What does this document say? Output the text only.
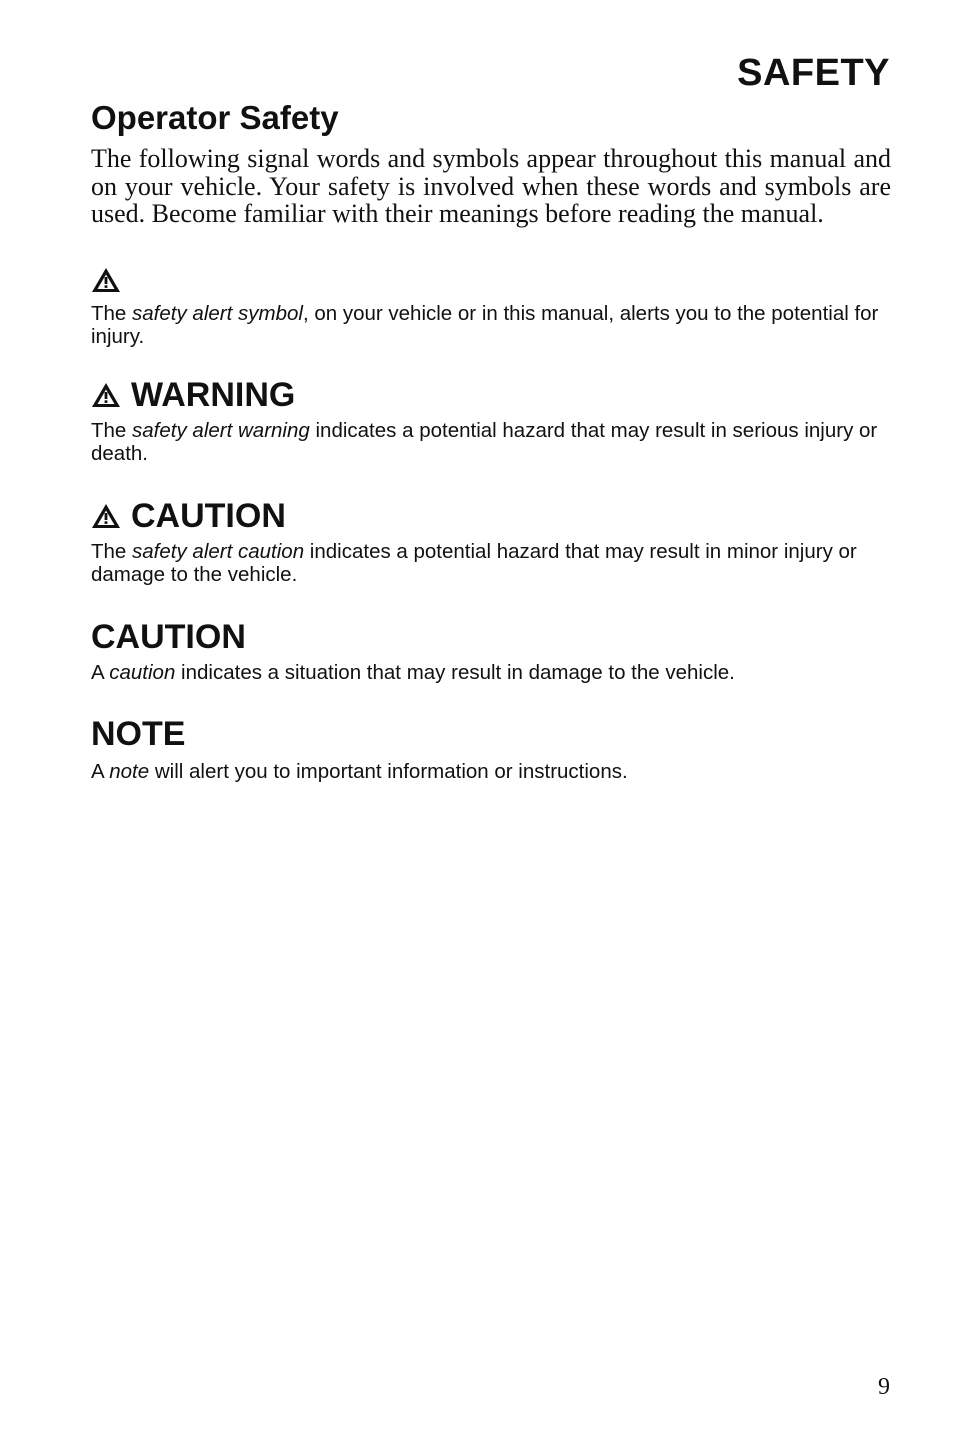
SAFETY
Operator Safety

The following signal words and symbols appear throughout this manual and on your vehicle. Your safety is involved when these words and symbols are used. Become familiar with their meanings before reading the manual.

The safety alert symbol, on your vehicle or in this manual, alerts you to the potential for injury.

WARNING

The safety alert warning indicates a potential hazard that may result in serious injury or death.

CAUTION

The safety alert caution indicates a potential hazard that may result in minor injury or damage to the vehicle.

CAUTION

A caution indicates a situation that may result in damage to the vehicle.

NOTE

A note will alert you to important information or instructions.

9
